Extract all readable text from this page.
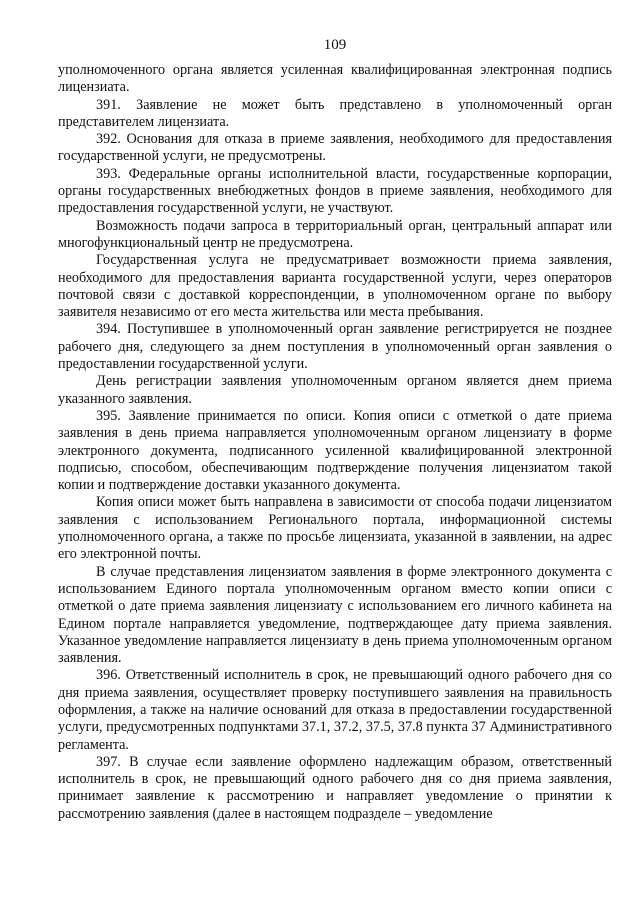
109

уполномоченного органа является усиленная квалифицированная электронная подпись лицензиата.

391. Заявление не может быть представлено в уполномоченный орган представителем лицензиата.

392. Основания для отказа в приеме заявления, необходимого для предоставления государственной услуги, не предусмотрены.

393. Федеральные органы исполнительной власти, государственные корпорации, органы государственных внебюджетных фондов в приеме заявления, необходимого для предоставления государственной услуги, не участвуют.

Возможность подачи запроса в территориальный орган, центральный аппарат или многофункциональный центр не предусмотрена.

Государственная услуга не предусматривает возможности приема заявления, необходимого для предоставления варианта государственной услуги, через операторов почтовой связи с доставкой корреспонденции, в уполномоченном органе по выбору заявителя независимо от его места жительства или места пребывания.

394. Поступившее в уполномоченный орган заявление регистрируется не позднее рабочего дня, следующего за днем поступления в уполномоченный орган заявления о предоставлении государственной услуги.

День регистрации заявления уполномоченным органом является днем приема указанного заявления.

395. Заявление принимается по описи. Копия описи с отметкой о дате приема заявления в день приема направляется уполномоченным органом лицензиату в форме электронного документа, подписанного усиленной квалифицированной электронной подписью, способом, обеспечивающим подтверждение получения лицензиатом такой копии и подтверждение доставки указанного документа.

Копия описи может быть направлена в зависимости от способа подачи лицензиатом заявления с использованием Регионального портала, информационной системы уполномоченного органа, а также по просьбе лицензиата, указанной в заявлении, на адрес его электронной почты.

В случае представления лицензиатом заявления в форме электронного документа с использованием Единого портала уполномоченным органом вместо копии описи с отметкой о дате приема заявления лицензиату с использованием его личного кабинета на Едином портале направляется уведомление, подтверждающее дату приема заявления. Указанное уведомление направляется лицензиату в день приема уполномоченным органом заявления.

396. Ответственный исполнитель в срок, не превышающий одного рабочего дня со дня приема заявления, осуществляет проверку поступившего заявления на правильность оформления, а также на наличие оснований для отказа в предоставлении государственной услуги, предусмотренных подпунктами 37.1, 37.2, 37.5, 37.8 пункта 37 Административного регламента.

397. В случае если заявление оформлено надлежащим образом, ответственный исполнитель в срок, не превышающий одного рабочего дня со дня приема заявления, принимает заявление к рассмотрению и направляет уведомление о принятии к рассмотрению заявления (далее в настоящем подразделе – уведомление
